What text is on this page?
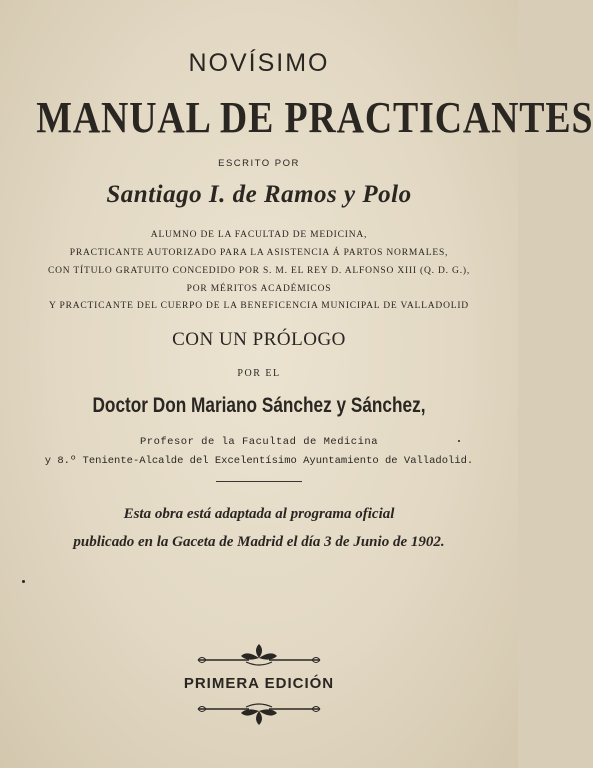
NOVÍSIMO
MANUAL DE PRACTICANTES
ESCRITO POR
Santiago I. de Ramos y Polo
ALUMNO DE LA FACULTAD DE MEDICINA,
PRACTICANTE AUTORIZADO PARA LA ASISTENCIA Á PARTOS NORMALES,
CON TÍTULO GRATUITO CONCEDIDO POR S. M. EL REY D. ALFONSO XIII (Q. D. G.),
POR MÉRITOS ACADÉMICOS
Y PRACTICANTE DEL CUERPO DE LA BENEFICENCIA MUNICIPAL DE VALLADOLID
CON UN PRÓLOGO
POR EL
Doctor Don Mariano Sánchez y Sánchez,
Profesor de la Facultad de Medicina
y 8.º Teniente-Alcalde del Excelentísimo Ayuntamiento de Valladolid.
Esta obra está adaptada al programa oficial
publicado en la Gaceta de Madrid el día 3 de Junio de 1902.
PRIMERA EDICIÓN
